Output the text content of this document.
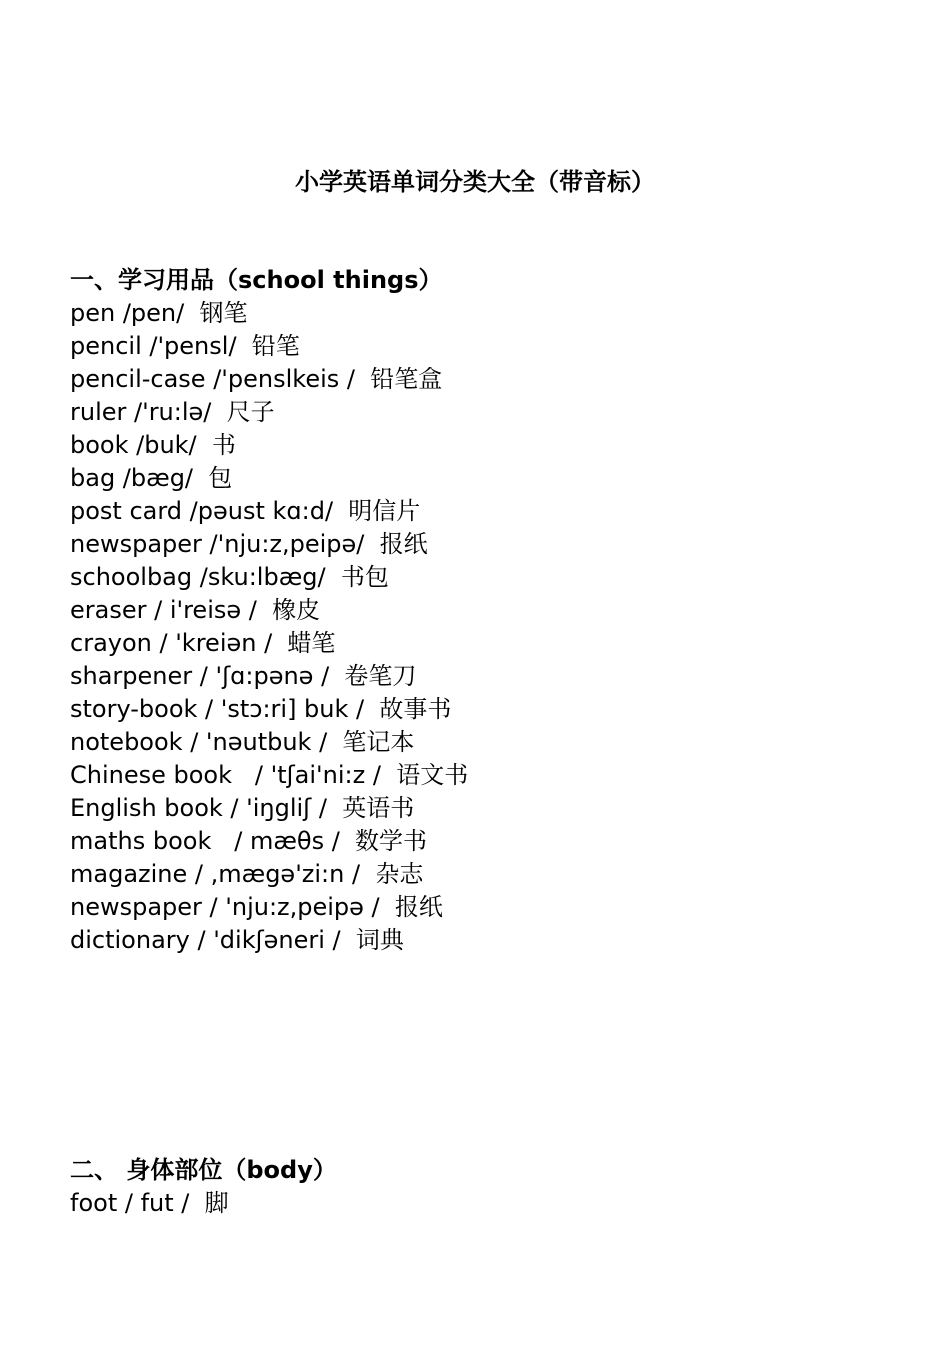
小学英语单词分类大全（带音标）
一、学习用品（school things）
pen /pen/  钢笔
pencil /'pensl/  铅笔
pencil-case /'penslkeis /  铅笔盒
ruler /'ru:lə/  尺子
book /buk/  书
bag /bæg/  包
post card /pəust kɑ:d/  明信片
newspaper /'nju:z,peipə/  报纸
schoolbag /sku:lbæg/  书包
eraser / i'reisə /  橡皮
crayon / 'kreiən /  蜡笔
sharpener / 'ʃɑ:pənə /  卷笔刀
story-book / 'stɔ:ri] buk /  故事书
notebook / 'nəutbuk /  笔记本
Chinese book   / 'tʃai'ni:z /  语文书
English book / 'iŋgliʃ /  英语书
maths book   / mæθs /  数学书
magazine / ,mægə'zi:n /  杂志
newspaper / 'nju:z,peipə /  报纸
dictionary / 'dikʃəneri /  词典
二、 身体部位（body）
foot / fut /  脚
